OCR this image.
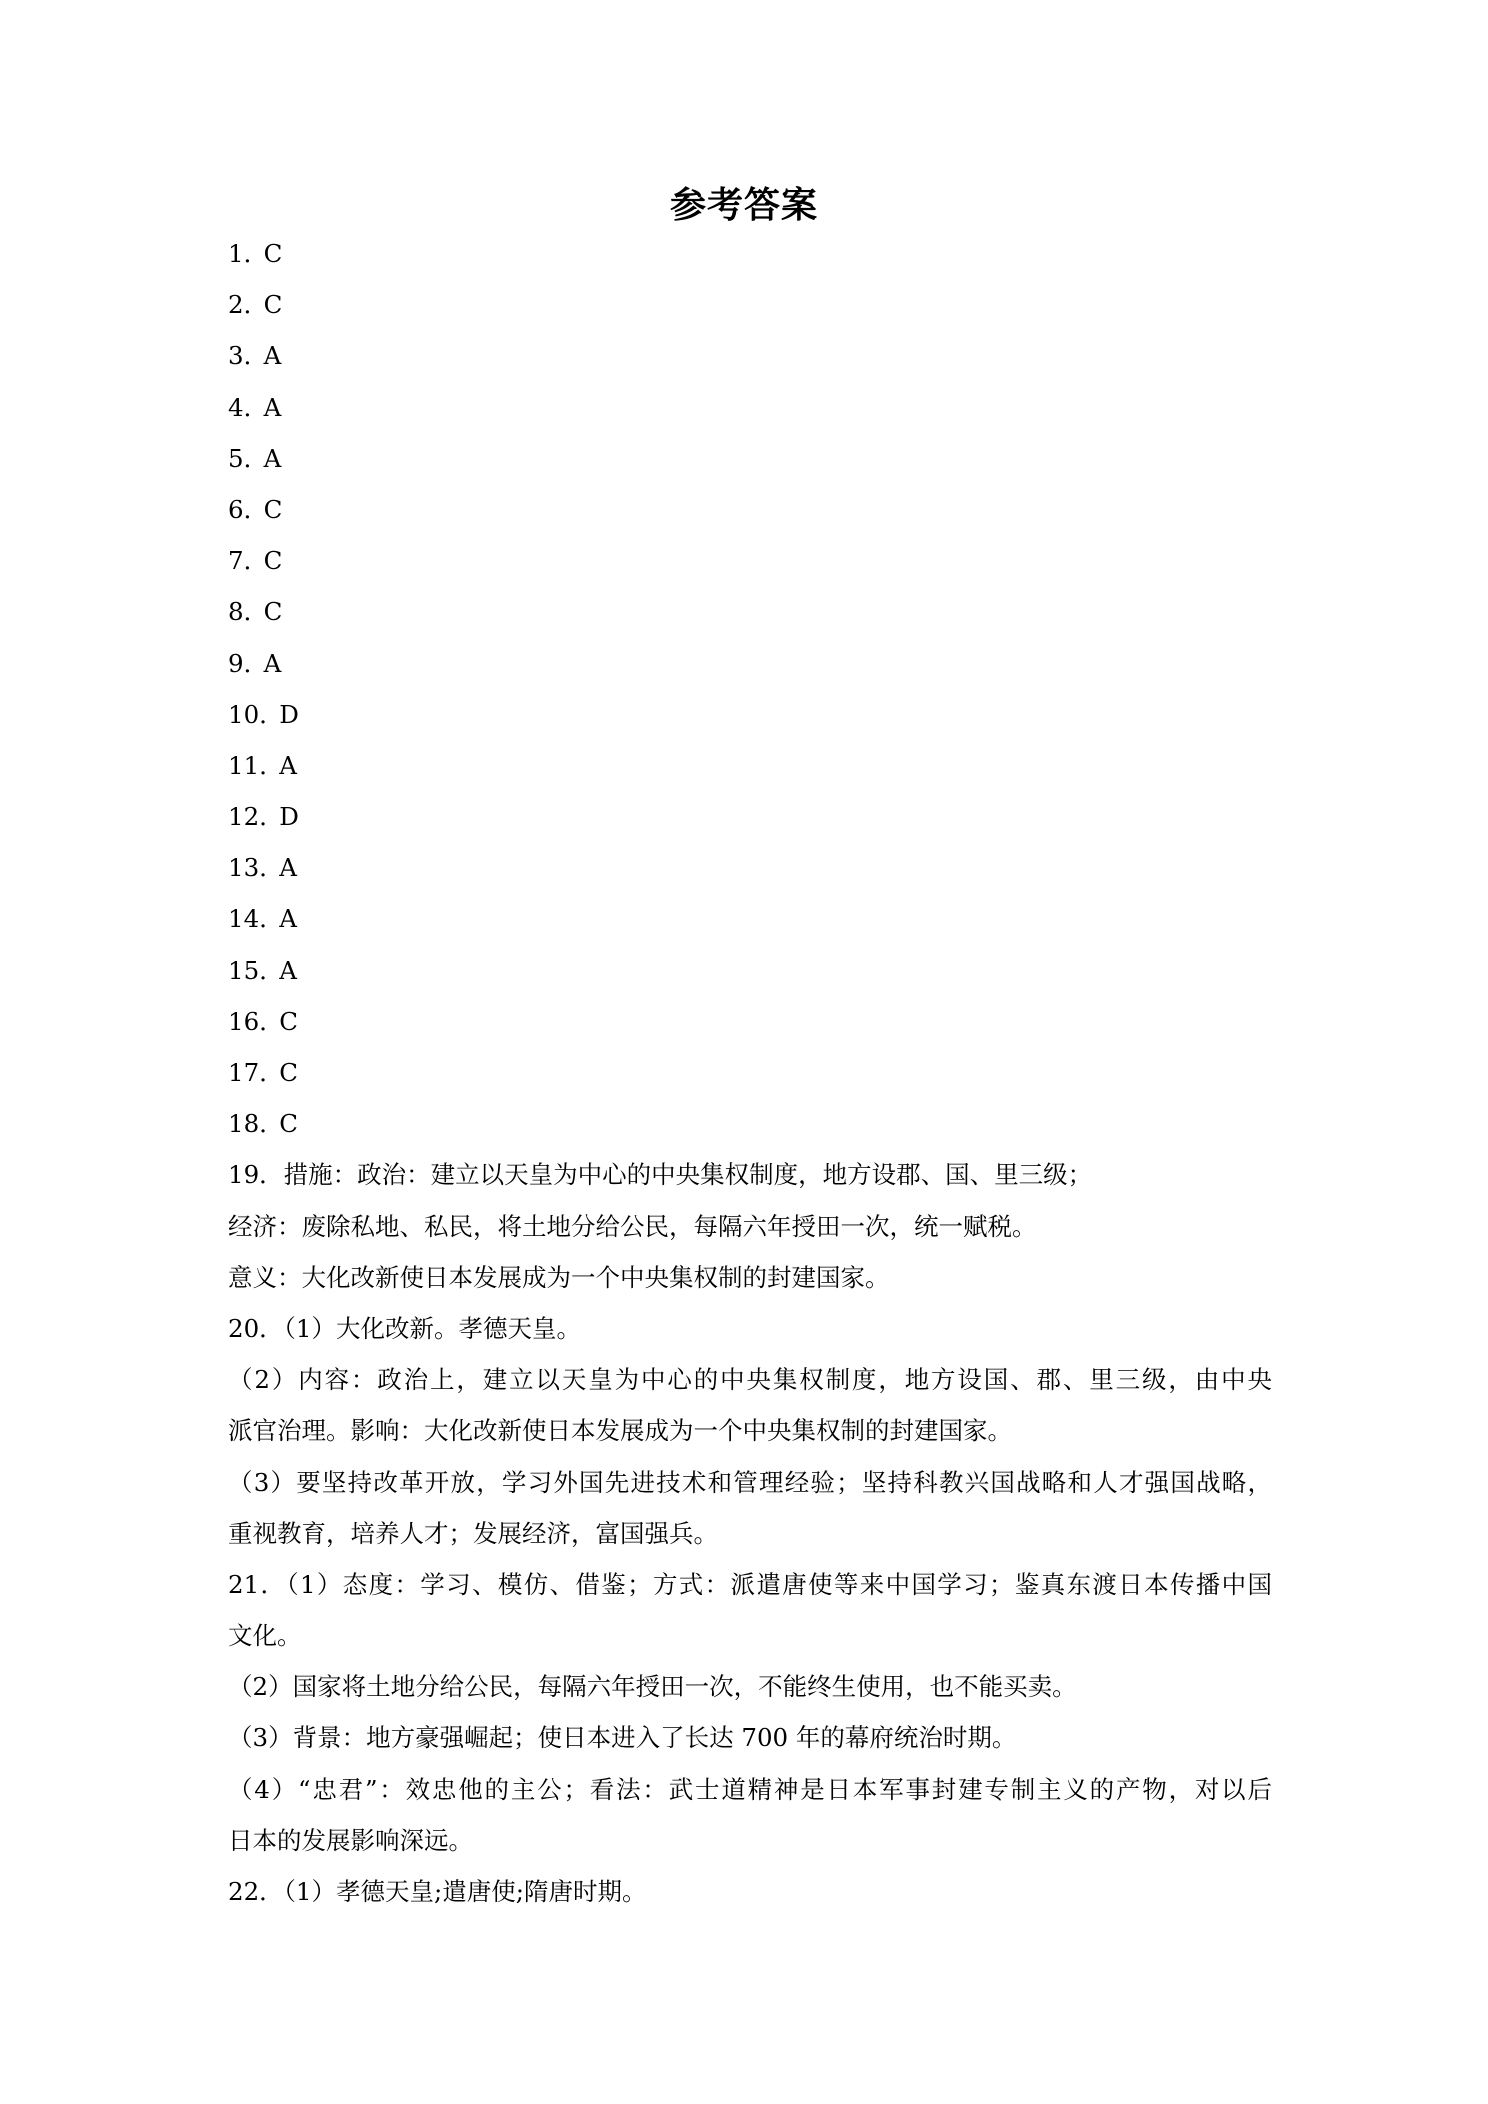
参考答案
1．C
2．C
3．A
4．A
5．A
6．C
7．C
8．C
9．A
10．D
11．A
12．D
13．A
14．A
15．A
16．C
17．C
18．C
19．措施：政治：建立以天皇为中心的中央集权制度，地方设郡、国、里三级；
经济：废除私地、私民，将土地分给公民，每隔六年授田一次，统一赋税。
意义：大化改新使日本发展成为一个中央集权制的封建国家。
20．（1）大化改新。孝德天皇。
（2）内容：政治上，建立以天皇为中心的中央集权制度，地方设国、郡、里三级，由中央
派官治理。影响：大化改新使日本发展成为一个中央集权制的封建国家。
（3）要坚持改革开放，学习外国先进技术和管理经验；坚持科教兴国战略和人才强国战略，
重视教育，培养人才；发展经济，富国强兵。
21．（1）态度：学习、模仿、借鉴；方式：派遣唐使等来中国学习；鉴真东渡日本传播中国
文化。
（2）国家将土地分给公民，每隔六年授田一次，不能终生使用，也不能买卖。
（3）背景：地方豪强崛起；使日本进入了长达 700 年的幕府统治时期。
（4）“忠君”：效忠他的主公；看法：武士道精神是日本军事封建专制主义的产物，对以后
日本的发展影响深远。
22．（1）孝德天皇;遣唐使;隋唐时期。
